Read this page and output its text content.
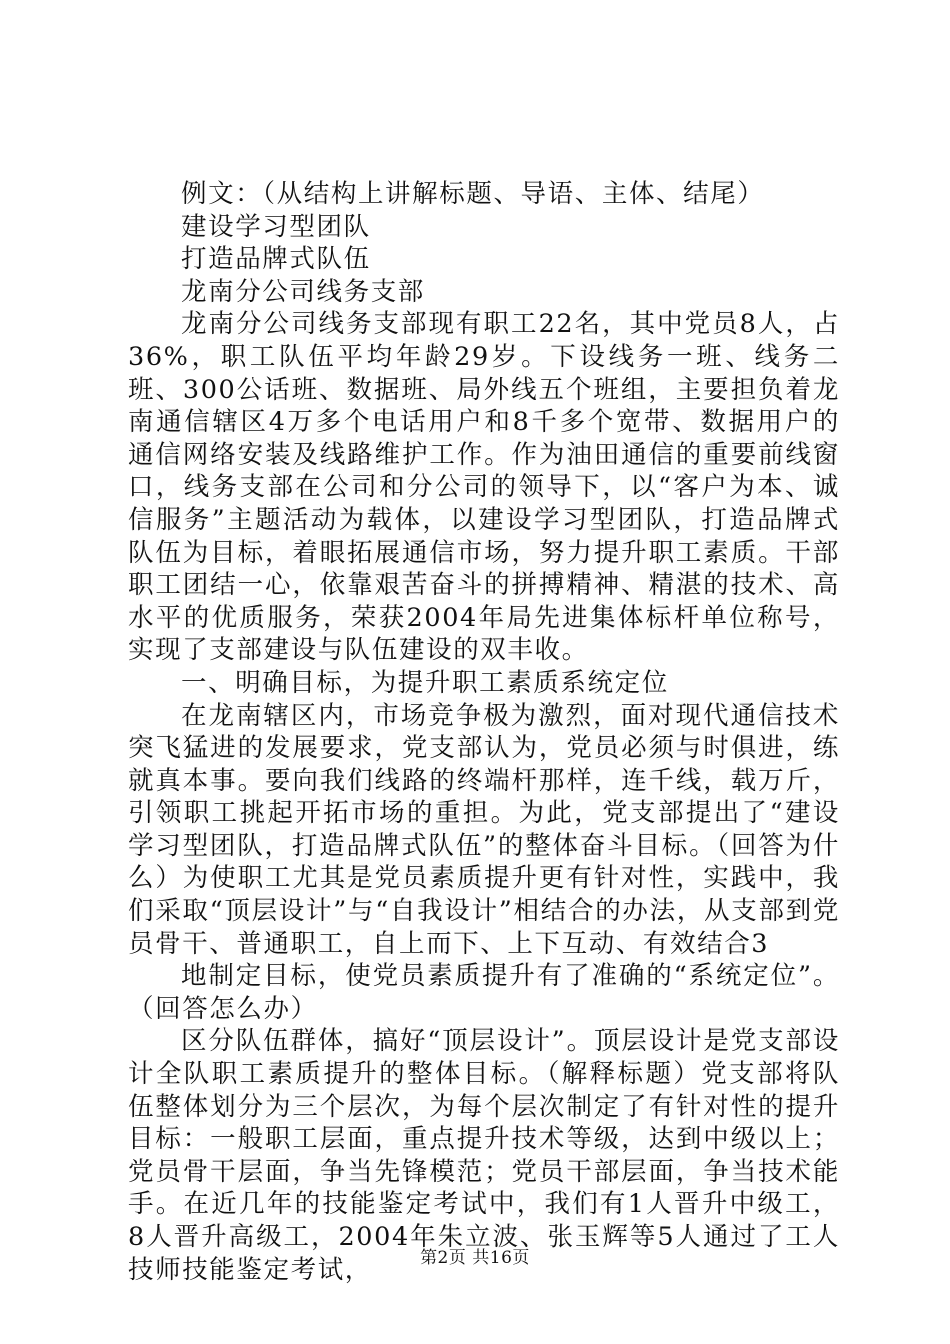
例文：（从结构上讲解标题、导语、主体、结尾）

建设学习型团队

打造品牌式队伍

龙南分公司线务支部

龙南分公司线务支部现有职工22名，其中党员8人，占36%，职工队伍平均年龄29岁。下设线务一班、线务二班、300公话班、数据班、局外线五个班组，主要担负着龙南通信辖区4万多个电话用户和8千多个宽带、数据用户的通信网络安装及线路维护工作。作为油田通信的重要前线窗口，线务支部在公司和分公司的领导下，以“客户为本、诚信服务”主题活动为载体，以建设学习型团队，打造品牌式队伍为目标，着眼拓展通信市场，努力提升职工素质。干部职工团结一心，依靠艰苦奋斗的拼搏精神、精湛的技术、高水平的优质服务，荣获2004年局先进集体标杆单位称号，实现了支部建设与队伍建设的双丰收。

一、明确目标，为提升职工素质系统定位

在龙南辖区内，市场竞争极为激烈，面对现代通信技术突飞猛进的发展要求，党支部认为，党员必须与时俱进，练就真本事。要向我们线路的终端杆那样，连千线，载万斤，引领职工挑起开拓市场的重担。为此，党支部提出了“建设学习型团队，打造品牌式队伍”的整体奋斗目标。（回答为什么）为使职工尤其是党员素质提升更有针对性，实践中，我们采取“顶层设计”与“自我设计”相结合的办法，从支部到党员骨干、普通职工，自上而下、上下互动、有效结合3

地制定目标，使党员素质提升有了准确的“系统定位”。（回答怎么办）

区分队伍群体，搞好“顶层设计”。顶层设计是党支部设计全队职工素质提升的整体目标。（解释标题）党支部将队伍整体划分为三个层次，为每个层次制定了有针对性的提升目标：一般职工层面，重点提升技术等级，达到中级以上；党员骨干层面，争当先锋模范；党员干部层面，争当技术能手。在近几年的技能鉴定考试中，我们有1人晋升中级工，8人晋升高级工，2004年朱立波、张玉辉等5人通过了工人技师技能鉴定考试，	第2页 共16页
